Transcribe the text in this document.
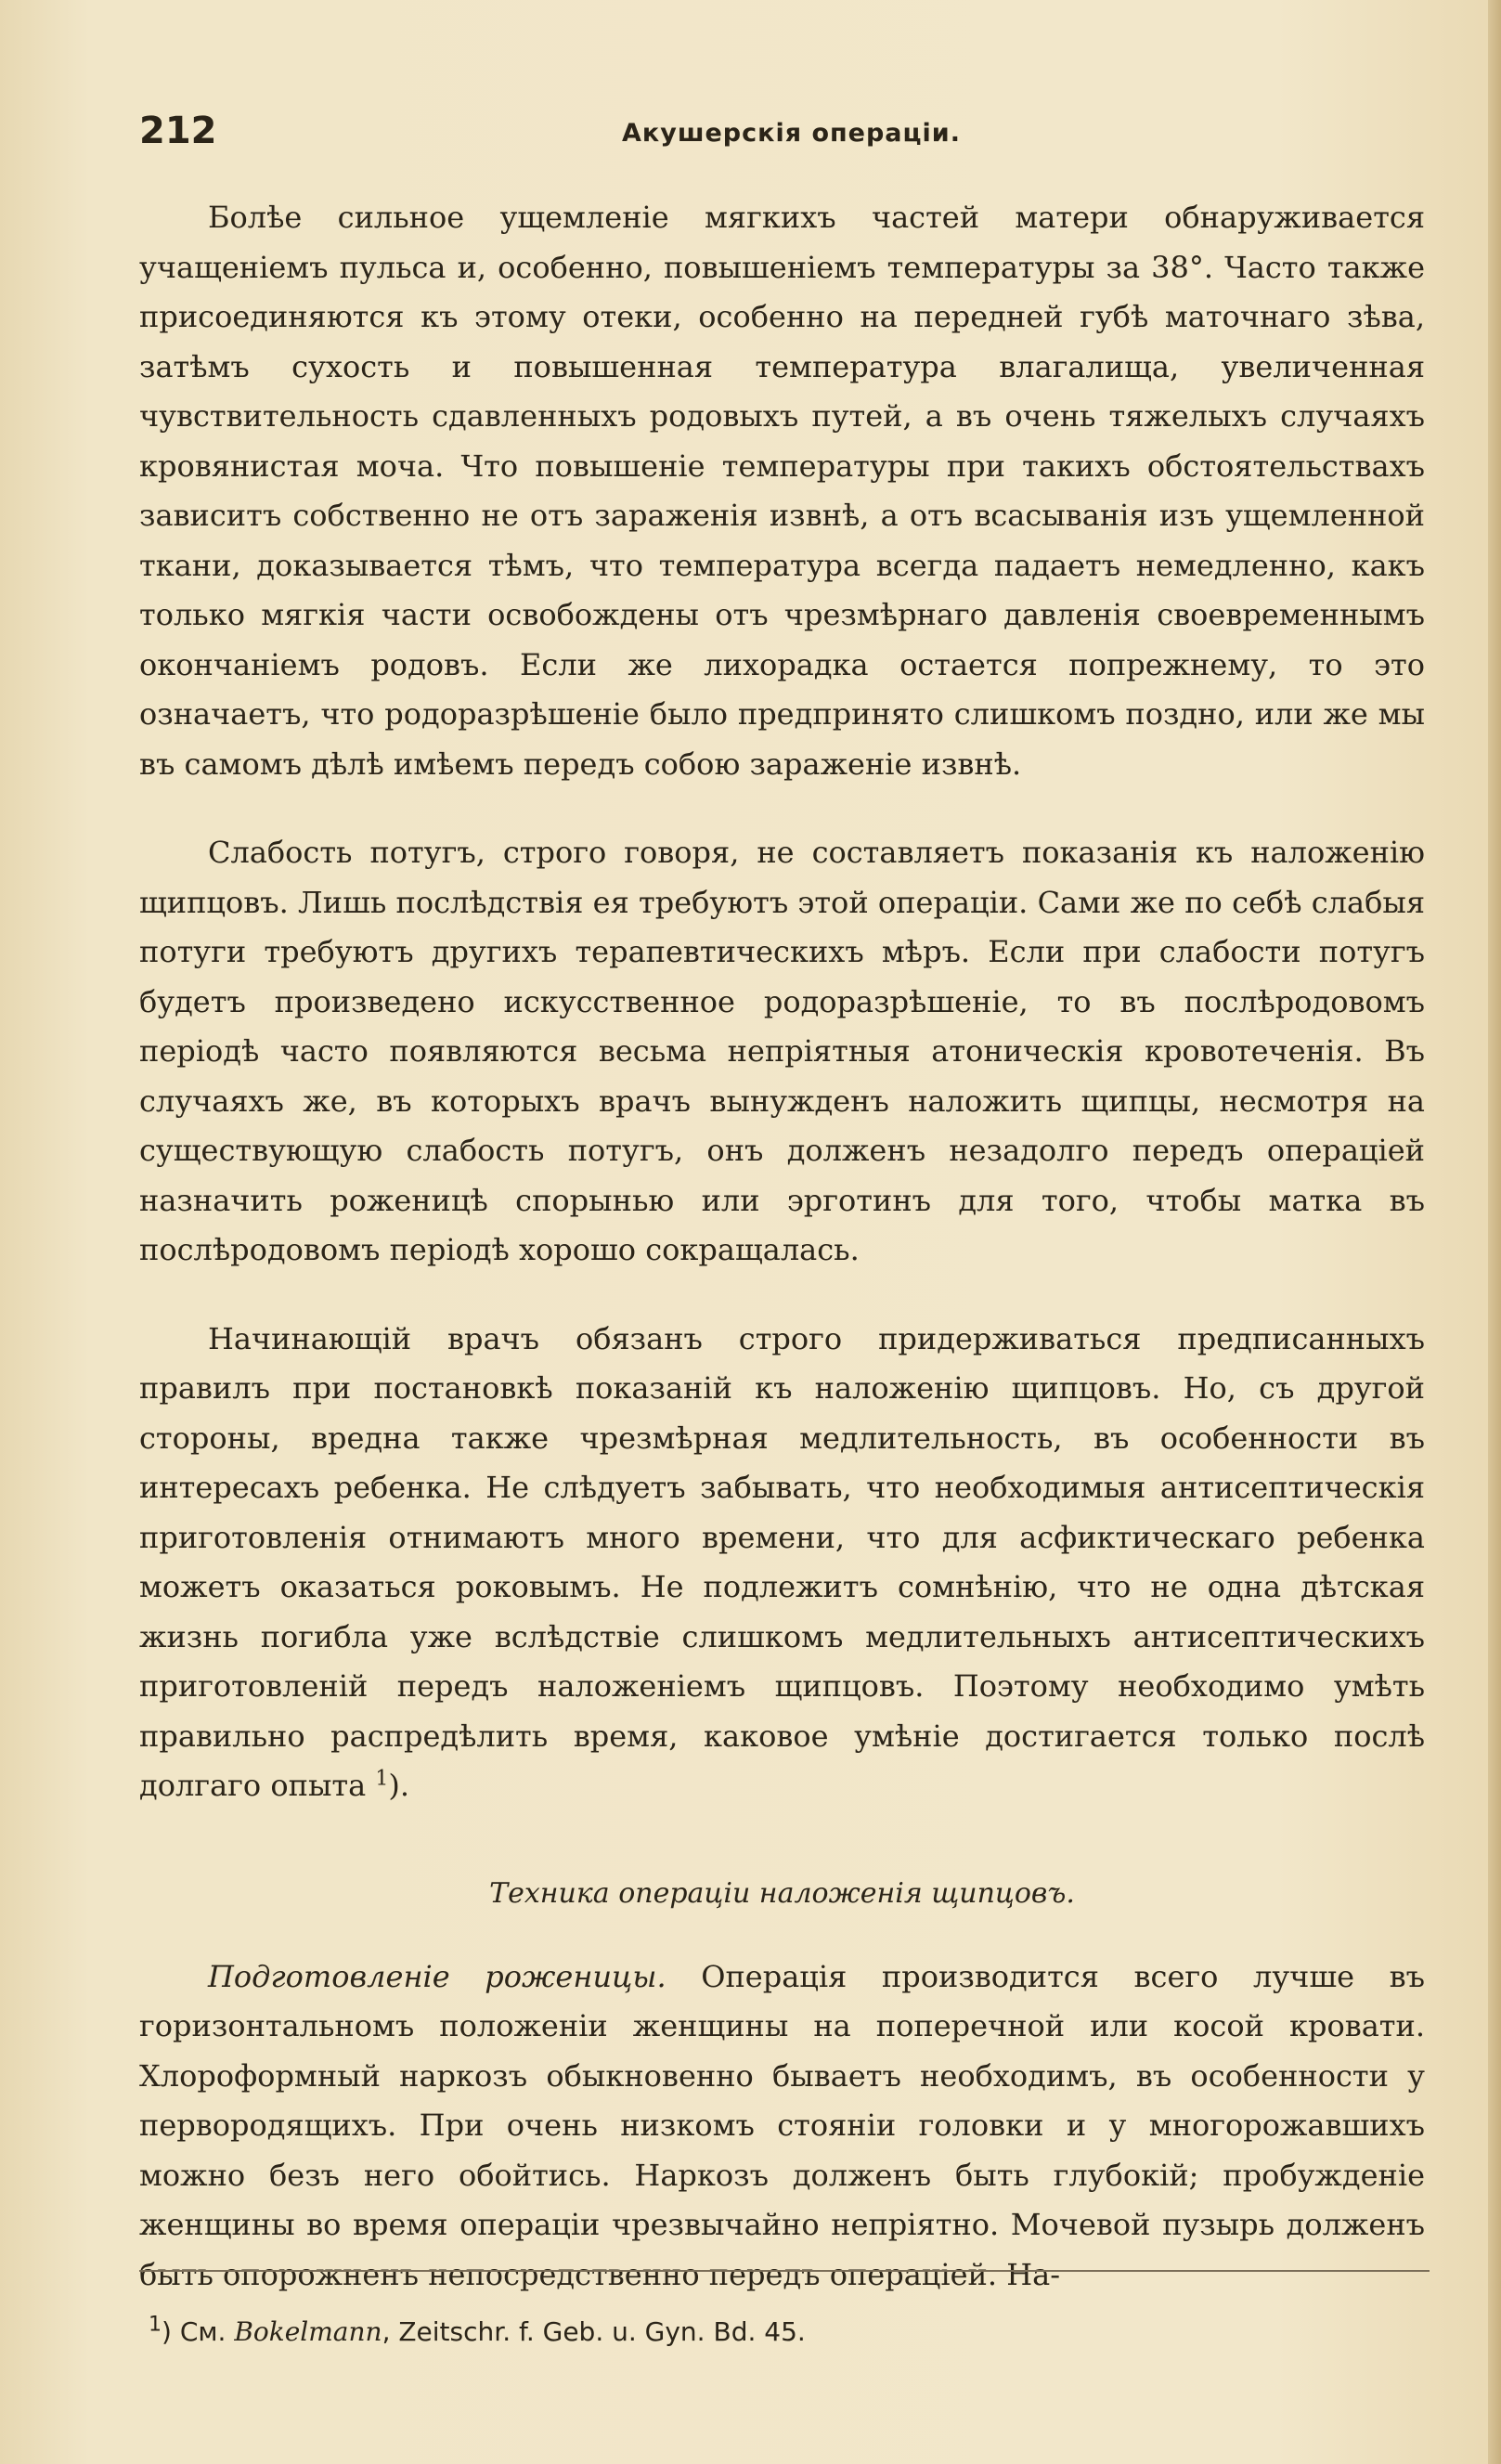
212	Акушерскія операціи.

Болѣе сильное ущемленіе мягкихъ частей матери обнаруживается учащеніемъ пульса и, особенно, повышеніемъ температуры за 38°. Часто также присоединяются къ этому отеки, особенно на передней губѣ маточнаго зѣва, затѣмъ сухость и повышенная температура влагалища, увеличенная чувствительность сдавленныхъ родовыхъ путей, а въ очень тяжелыхъ случаяхъ кровянистая моча. Что повышеніе температуры при такихъ обстоятельствахъ зависитъ собственно не отъ зараженія извнѣ, а отъ всасыванія изъ ущемленной ткани, доказывается тѣмъ, что температура всегда падаетъ немедленно, какъ только мягкія части освобождены отъ чрезмѣрнаго давленія своевременнымъ окончаніемъ родовъ. Если же лихорадка остается попрежнему, то это означаетъ, что родоразрѣшеніе было предпринято слишкомъ поздно, или же мы въ самомъ дѣлѣ имѣемъ передъ собою зараженіе извнѣ.

Слабость потугъ, строго говоря, не составляетъ показанія къ наложенію щипцовъ. Лишь послѣдствія ея требуютъ этой операціи. Сами же по себѣ слабыя потуги требуютъ другихъ терапевтическихъ мѣръ. Если при слабости потугъ будетъ произведено искусственное родоразрѣшеніе, то въ послѣродовомъ періодѣ часто появляются весьма непріятныя атоническія кровотеченія. Въ случаяхъ же, въ которыхъ врачъ вынужденъ наложить щипцы, несмотря на существующую слабость потугъ, онъ долженъ незадолго передъ операціей назначить роженицѣ спорынью или эрготинъ для того, чтобы матка въ послѣродовомъ періодѣ хорошо сокращалась.

Начинающій врачъ обязанъ строго придерживаться предписанныхъ правилъ при постановкѣ показаній къ наложенію щипцовъ. Но, съ другой стороны, вредна также чрезмѣрная медлительность, въ особенности въ интересахъ ребенка. Не слѣдуетъ забывать, что необходимыя антисептическія приготовленія отнимаютъ много времени, что для асфиктическаго ребенка можетъ оказаться роковымъ. Не подлежитъ сомнѣнію, что не одна дѣтская жизнь погибла уже вслѣдствіе слишкомъ медлительныхъ антисептическихъ приготовленій передъ наложеніемъ щипцовъ. Поэтому необходимо умѣть правильно распредѣлить время, каковое умѣніе достигается только послѣ долгаго опыта $^1$).

Техника операціи наложенія щипцовъ.

Подготовленіе роженицы. Операція производится всего лучше въ горизонтальномъ положеніи женщины на поперечной или косой кровати. Хлороформный наркозъ обыкновенно бываетъ необходимъ, въ особенности у первородящихъ. При очень низкомъ стояніи головки и у многорожавшихъ можно безъ него обойтись. Наркозъ долженъ быть глубокій; пробужденіе женщины во время операціи чрезвычайно непріятно. Мочевой пузырь долженъ быть опорожненъ непосредственно передъ операціей. На-

$^1$) См. Bokelmann, Zeitschr. f. Geb. u. Gyn. Bd. 45.
